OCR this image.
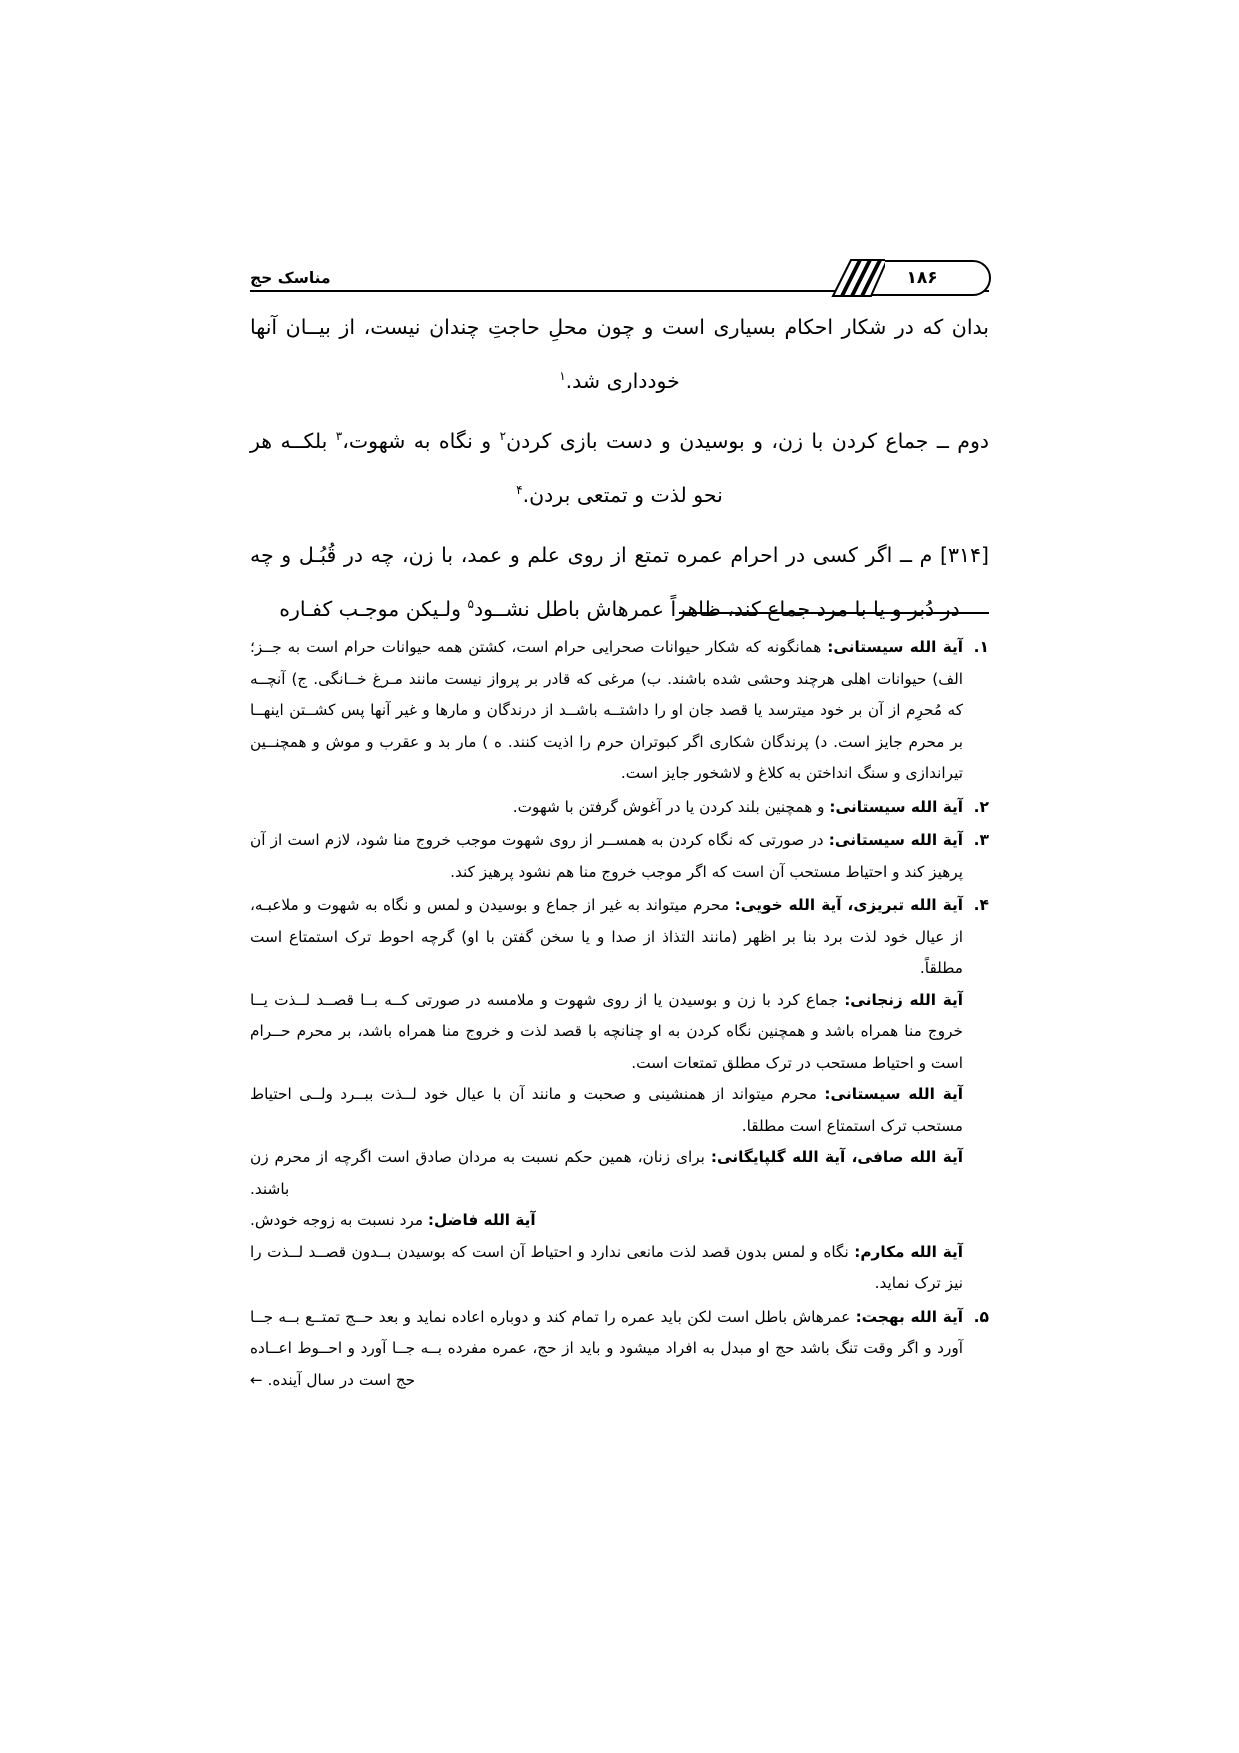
مناسک حج	۱۸۶

بدان که در شکار احکام بسیاری است و چون محلِ حاجتِ چندان نیست، از بیــان آنها خودداری شد.$^۱$

دوم ــ جماع کردن با زن، و بوسیدن و دست بازی کردن$^۲$ و نگاه به شهوت،$^۳$ بلکــه هر نحو لذت و تمتعی بردن.$^۴$

[۳۱۴] م ــ اگر کسی در احرام عمره تمتع از روی علم و عمد، با زن، چه در قُبُـل و چه در دُبر و یا با مرد جماع کند، ظاهراً عمرهاش باطل نشــود$^۵$ ولـیکن موجـب کفـاره

۱.

آیة الله سیستانی: همانگونه که شکار حیوانات صحرایی حرام است، کشتن همه حیوانات حرام است به جــز؛ الف) حیوانات اهلی هرچند وحشی شده باشند. ب) مرغی که قادر بر پرواز نیست مانند مـرغ خــانگی. ج) آنچــه که مُحرِم از آن بر خود میترسد یا قصد جان او را داشتــه باشــد از درندگان و مارها و غیر آنها پس کشــتن اینهــا بر محرم جایز است. د) پرندگان شکاری اگر کبوتران حرم را اذیت کنند. ه ) مار بد و عقرب و موش و همچنــین تیراندازی و سنگ انداختن به کلاغ و لاشخور جایز است.

۲.

آیة الله سیستانی: و همچنین بلند کردن یا در آغوش گرفتن با شهوت.

۳.

آیة الله سیستانی: در صورتی که نگاه کردن به همســر از روی شهوت موجب خروج منا شود، لازم است از آن پرهیز کند و احتیاط مستحب آن است که اگر موجب خروج منا هم نشود پرهیز کند.

۴.

آیة الله تبریزی، آیة الله خویی: محرم میتواند به غیر از جماع و بوسیدن و لمس و نگاه به شهوت و ملاعبـه، از عیال خود لذت برد بنا بر اظهر (مانند التذاذ از صدا و یا سخن گفتن با او) گرچه احوط ترک استمتاع است مطلقاً.

آیة الله زنجانی: جماع کرد با زن و بوسیدن یا از روی شهوت و ملامسه در صورتی کــه بــا قصــد لــذت یــا خروج منا همراه باشد و همچنین نگاه کردن به او چنانچه با قصد لذت و خروج منا همراه باشد، بر محرم حــرام است و احتیاط مستحب در ترک مطلق تمتعات است.

آیة الله سیستانی: محرم میتواند از همنشینی و صحبت و مانند آن با عیال خود لــذت ببــرد ولــی احتیاط مستحب ترک استمتاع است مطلقا.

آیة الله صافی، آیة الله گلپایگانی: برای زنان، همین حکم نسبت به مردان صادق است اگرچه از محرم زن باشند.

آیة الله فاضل: مرد نسبت به زوجه خودش.

آیة الله مکارم: نگاه و لمس بدون قصد لذت مانعی ندارد و احتیاط آن است که بوسیدن بــدون قصــد لــذت را نیز ترک نماید.

۵.

آیة الله بهجت: عمرهاش باطل است لکن باید عمره را تمام کند و دوباره اعاده نماید و بعد حــج تمتــع بــه جــا آورد و اگر وقت تنگ باشد حج او مبدل به افراد میشود و باید از حج، عمره مفرده بــه جــا آورد و احــوط اعــاده حج است در سال آینده. ←
